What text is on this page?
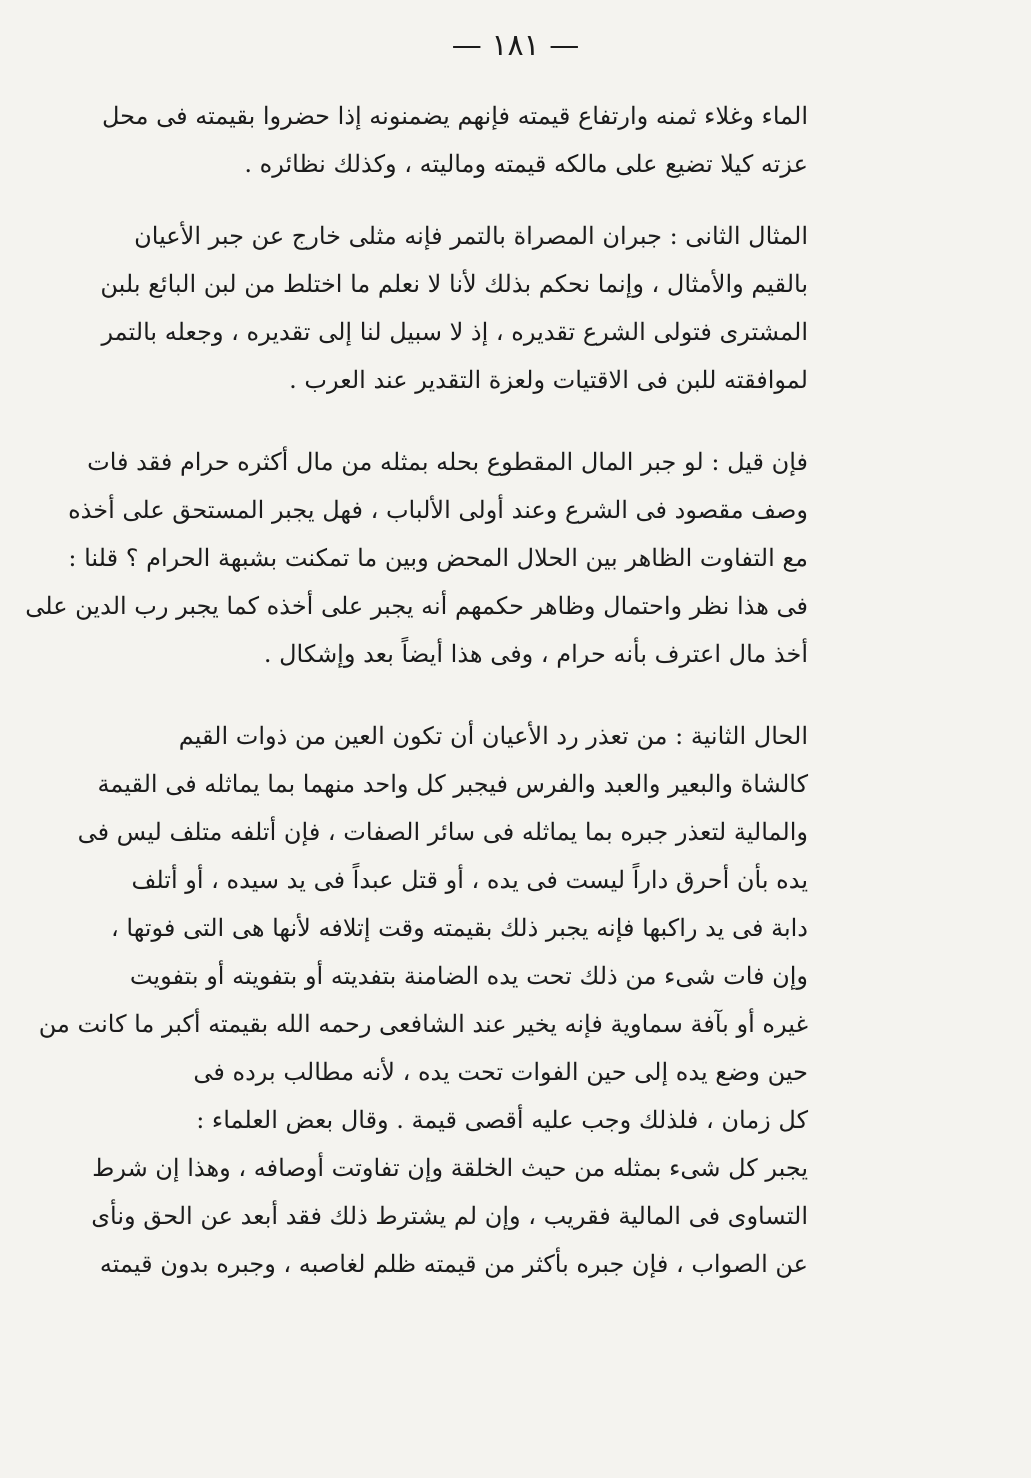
— ١٨١ —
الماء وغلاء ثمنه وارتفاع قيمته فإنهم يضمنونه إذا حضروا بقيمته فى محل
عزته كيلا تضيع على مالكه قيمته وماليته ، وكذلك نظائره .
المثال الثانى : جبران المصراة بالتمر فإنه مثلى خارج عن جبر الأعيان
بالقيم والأمثال ، وإنما نحكم بذلك لأنا لا نعلم ما اختلط من لبن البائع بلبن
المشترى فتولى الشرع تقديره ، إذ لا سبيل لنا إلى تقديره ، وجعله بالتمر
لموافقته للبن فى الاقتيات ولعزة التقدير عند العرب .
فإن قيل : لو جبر المال المقطوع بحله بمثله من مال أكثره حرام فقد فات
وصف مقصود فى الشرع وعند أولى الألباب ، فهل يجبر المستحق على أخذه
مع التفاوت الظاهر بين الحلال المحض وبين ما تمكنت بشبهة الحرام ؟ قلنا :
فى هذا نظر واحتمال وظاهر حكمهم أنه يجبر على أخذه كما يجبر رب الدين على
أخذ مال اعترف بأنه حرام ، وفى هذا أيضاً بعد وإشكال .
الحال الثانية : من تعذر رد الأعيان أن تكون العين من ذوات القيم
كالشاة والبعير والعبد والفرس فيجبر كل واحد منهما بما يماثله فى القيمة
والمالية لتعذر جبره بما يماثله فى سائر الصفات ، فإن أتلفه متلف ليس فى
يده بأن أحرق داراً ليست فى يده ، أو قتل عبداً فى يد سيده ، أو أتلف
دابة فى يد راكبها فإنه يجبر ذلك بقيمته وقت إتلافه لأنها هى التى فوتها ،
وإن فات شىء من ذلك تحت يده الضامنة بتفديته أو بتفويته أو بتفويت
غيره أو بآفة سماوية فإنه يخير عند الشافعى رحمه الله بقيمته أكبر ما كانت من
حين وضع يده إلى حين الفوات تحت يده ، لأنه مطالب برده فى
كل زمان ، فلذلك وجب عليه أقصى قيمة . وقال بعض العلماء :
يجبر كل شىء بمثله من حيث الخلقة وإن تفاوتت أوصافه ، وهذا إن شرط
التساوى فى المالية فقريب ، وإن لم يشترط ذلك فقد أبعد عن الحق ونأى
عن الصواب ، فإن جبره بأكثر من قيمته ظلم لغاصبه ، وجبره بدون قيمته
